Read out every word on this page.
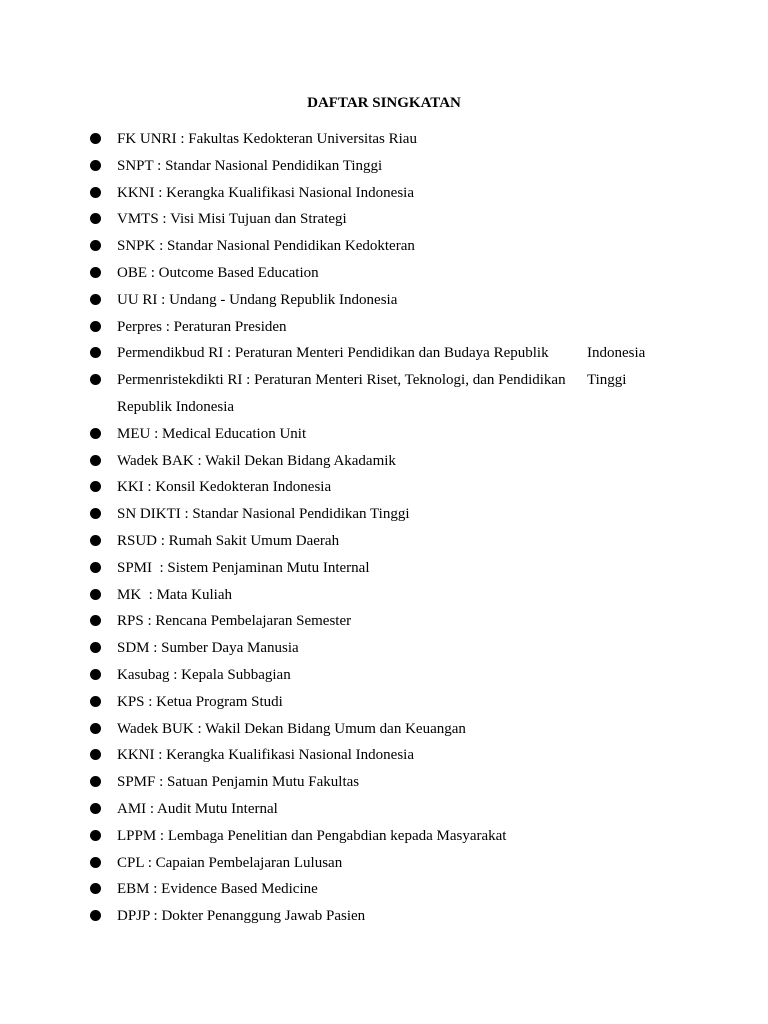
DAFTAR SINGKATAN
FK UNRI : Fakultas Kedokteran Universitas Riau
SNPT : Standar Nasional Pendidikan Tinggi
KKNI : Kerangka Kualifikasi Nasional Indonesia
VMTS : Visi Misi Tujuan dan Strategi
SNPK : Standar Nasional Pendidikan Kedokteran
OBE : Outcome Based Education
UU RI : Undang - Undang Republik Indonesia
Perpres : Peraturan Presiden
Permendikbud RI : Peraturan Menteri Pendidikan dan Budaya Republik	Indonesia
Permenristekdikti RI : Peraturan Menteri Riset, Teknologi, dan Pendidikan	Tinggi
Republik Indonesia
MEU : Medical Education Unit
Wadek BAK : Wakil Dekan Bidang Akadamik
KKI : Konsil Kedokteran Indonesia
SN DIKTI : Standar Nasional Pendidikan Tinggi
RSUD : Rumah Sakit Umum Daerah
SPMI  : Sistem Penjaminan Mutu Internal
MK  : Mata Kuliah
RPS : Rencana Pembelajaran Semester
SDM : Sumber Daya Manusia
Kasubag : Kepala Subbagian
KPS : Ketua Program Studi
Wadek BUK : Wakil Dekan Bidang Umum dan Keuangan
KKNI : Kerangka Kualifikasi Nasional Indonesia
SPMF : Satuan Penjamin Mutu Fakultas
AMI : Audit Mutu Internal
LPPM : Lembaga Penelitian dan Pengabdian kepada Masyarakat
CPL : Capaian Pembelajaran Lulusan
EBM : Evidence Based Medicine
DPJP : Dokter Penanggung Jawab Pasien
